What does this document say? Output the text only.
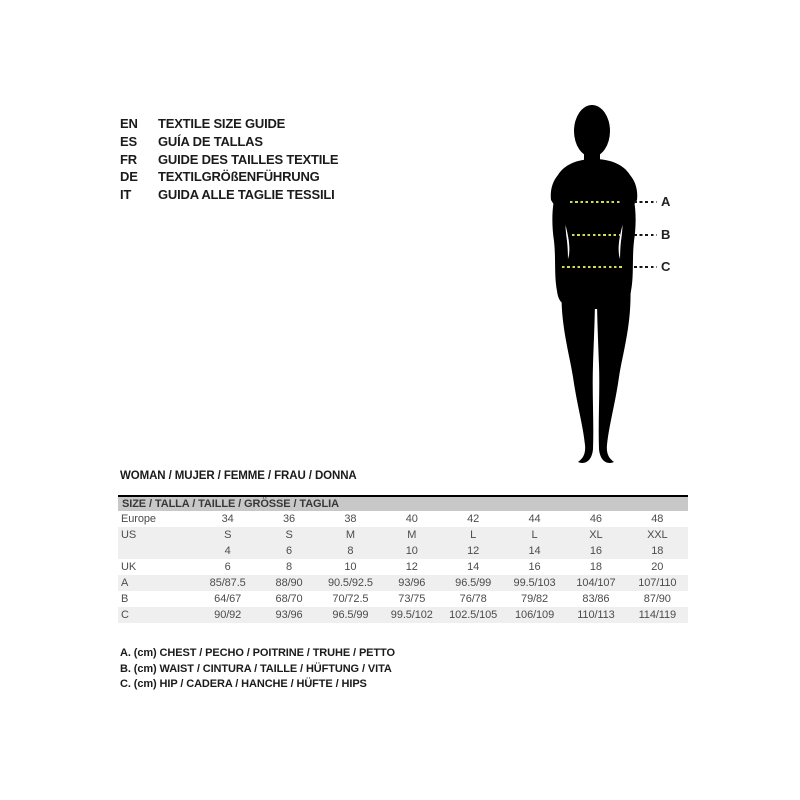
EN TEXTILE SIZE GUIDE
ES GUÍA DE TALLAS
FR GUIDE DES TAILLES TEXTILE
DE TEXTILGRÖßENFÜHRUNG
IT GUIDA ALLE TAGLIE TESSILI	A
B
C
WOMAN / MUJER / FEMME / FRAU / DONNA
SIZE / TALLA / TAILLE / GRÖSSE / TAGLIA								
Europe	34	36	38	40	42	44	46	48
US	S	S	M	M	L	L	XL	XXL
	4	6	8	10	12	14	16	18
UK	6	8	10	12	14	16	18	20
A	85/87.5	88/90	90.5/92.5	93/96	96.5/99	99.5/103	104/107	107/110
B	64/67	68/70	70/72.5	73/75	76/78	79/82	83/86	87/90
C	90/92	93/96	96.5/99	99.5/102	102.5/105	106/109	110/113	114/119
A. (cm) CHEST / PECHO / POITRINE / TRUHE / PETTO
B. (cm) WAIST / CINTURA / TAILLE / HÜFTUNG / VITA
C. (cm) HIP / CADERA / HANCHE / HÜFTE / HIPS
